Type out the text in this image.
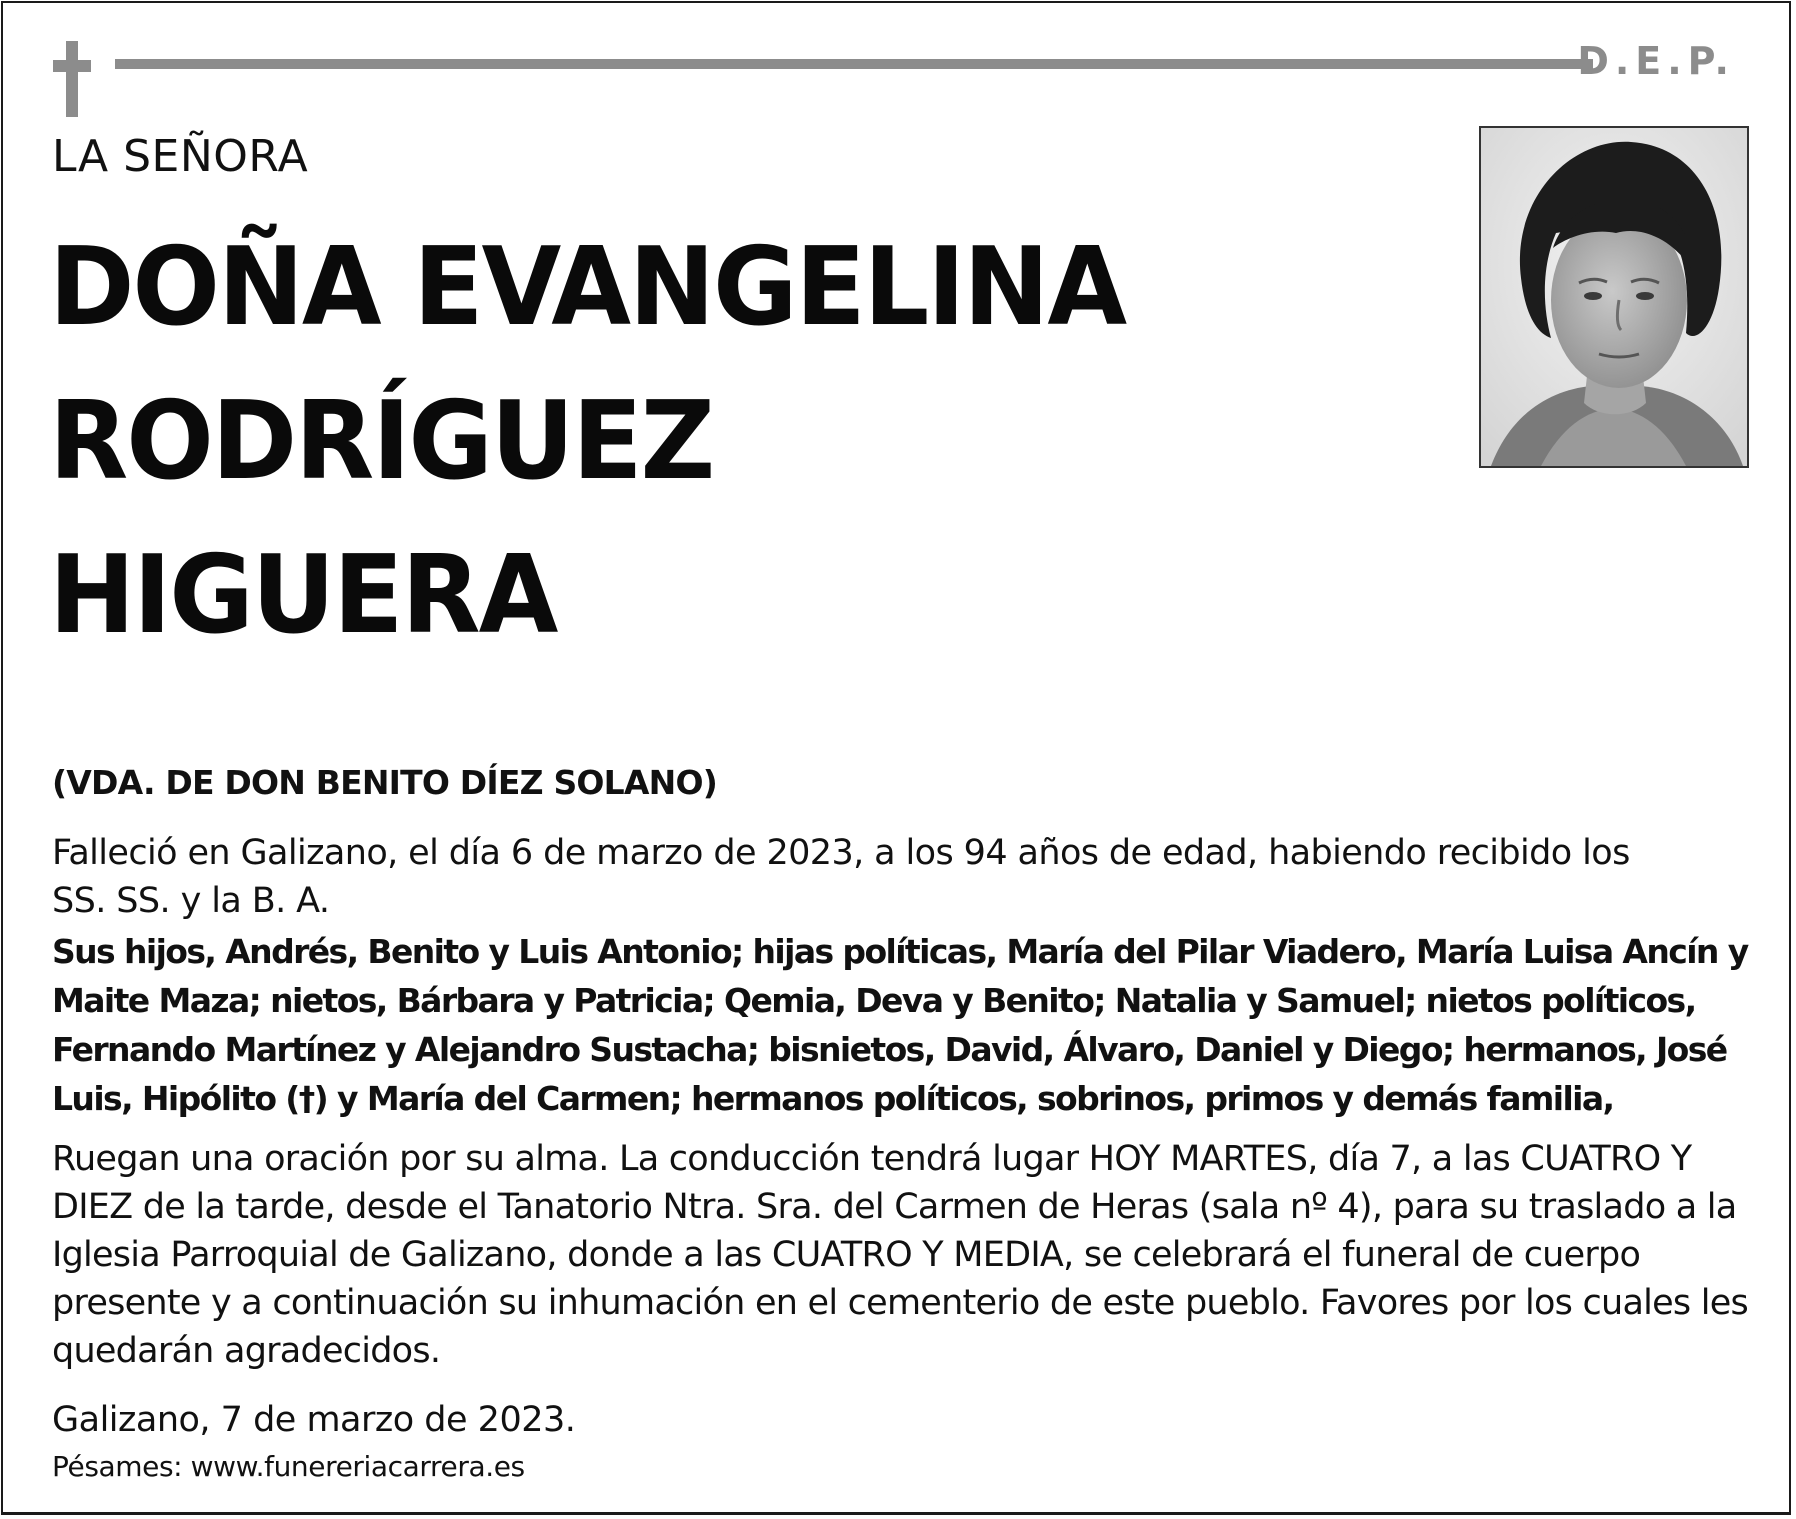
D.E.P.
LA SEÑORA
DOÑA EVANGELINA
RODRÍGUEZ
HIGUERA
(VDA. DE DON BENITO DÍEZ SOLANO)
Falleció en Galizano, el día 6 de marzo de 2023, a los 94 años de edad, habiendo recibido los SS. SS. y la B. A.
Sus hijos, Andrés, Benito y Luis Antonio; hijas políticas, María del Pilar Viadero, María Luisa Ancín y Maite Maza; nietos, Bárbara y Patricia; Qemia, Deva y Benito; Natalia y Samuel; nietos políticos, Fernando Martínez y Alejandro Sustacha; bisnietos, David, Álvaro, Daniel y Diego; hermanos, José Luis, Hipólito (†) y María del Carmen; hermanos políticos, sobrinos, primos y demás familia,
Ruegan una oración por su alma. La conducción tendrá lugar HOY MARTES, día 7, a las CUATRO Y DIEZ de la tarde, desde el Tanatorio Ntra. Sra. del Carmen de Heras (sala nº 4), para su traslado a la Iglesia Parroquial de Galizano, donde a las CUATRO Y MEDIA, se celebrará el funeral de cuerpo presente y a continuación su inhumación en el cementerio de este pueblo. Favores por los cuales les quedarán agradecidos.
Galizano, 7 de marzo de 2023.
Pésames: www.funereriacarrera.es
